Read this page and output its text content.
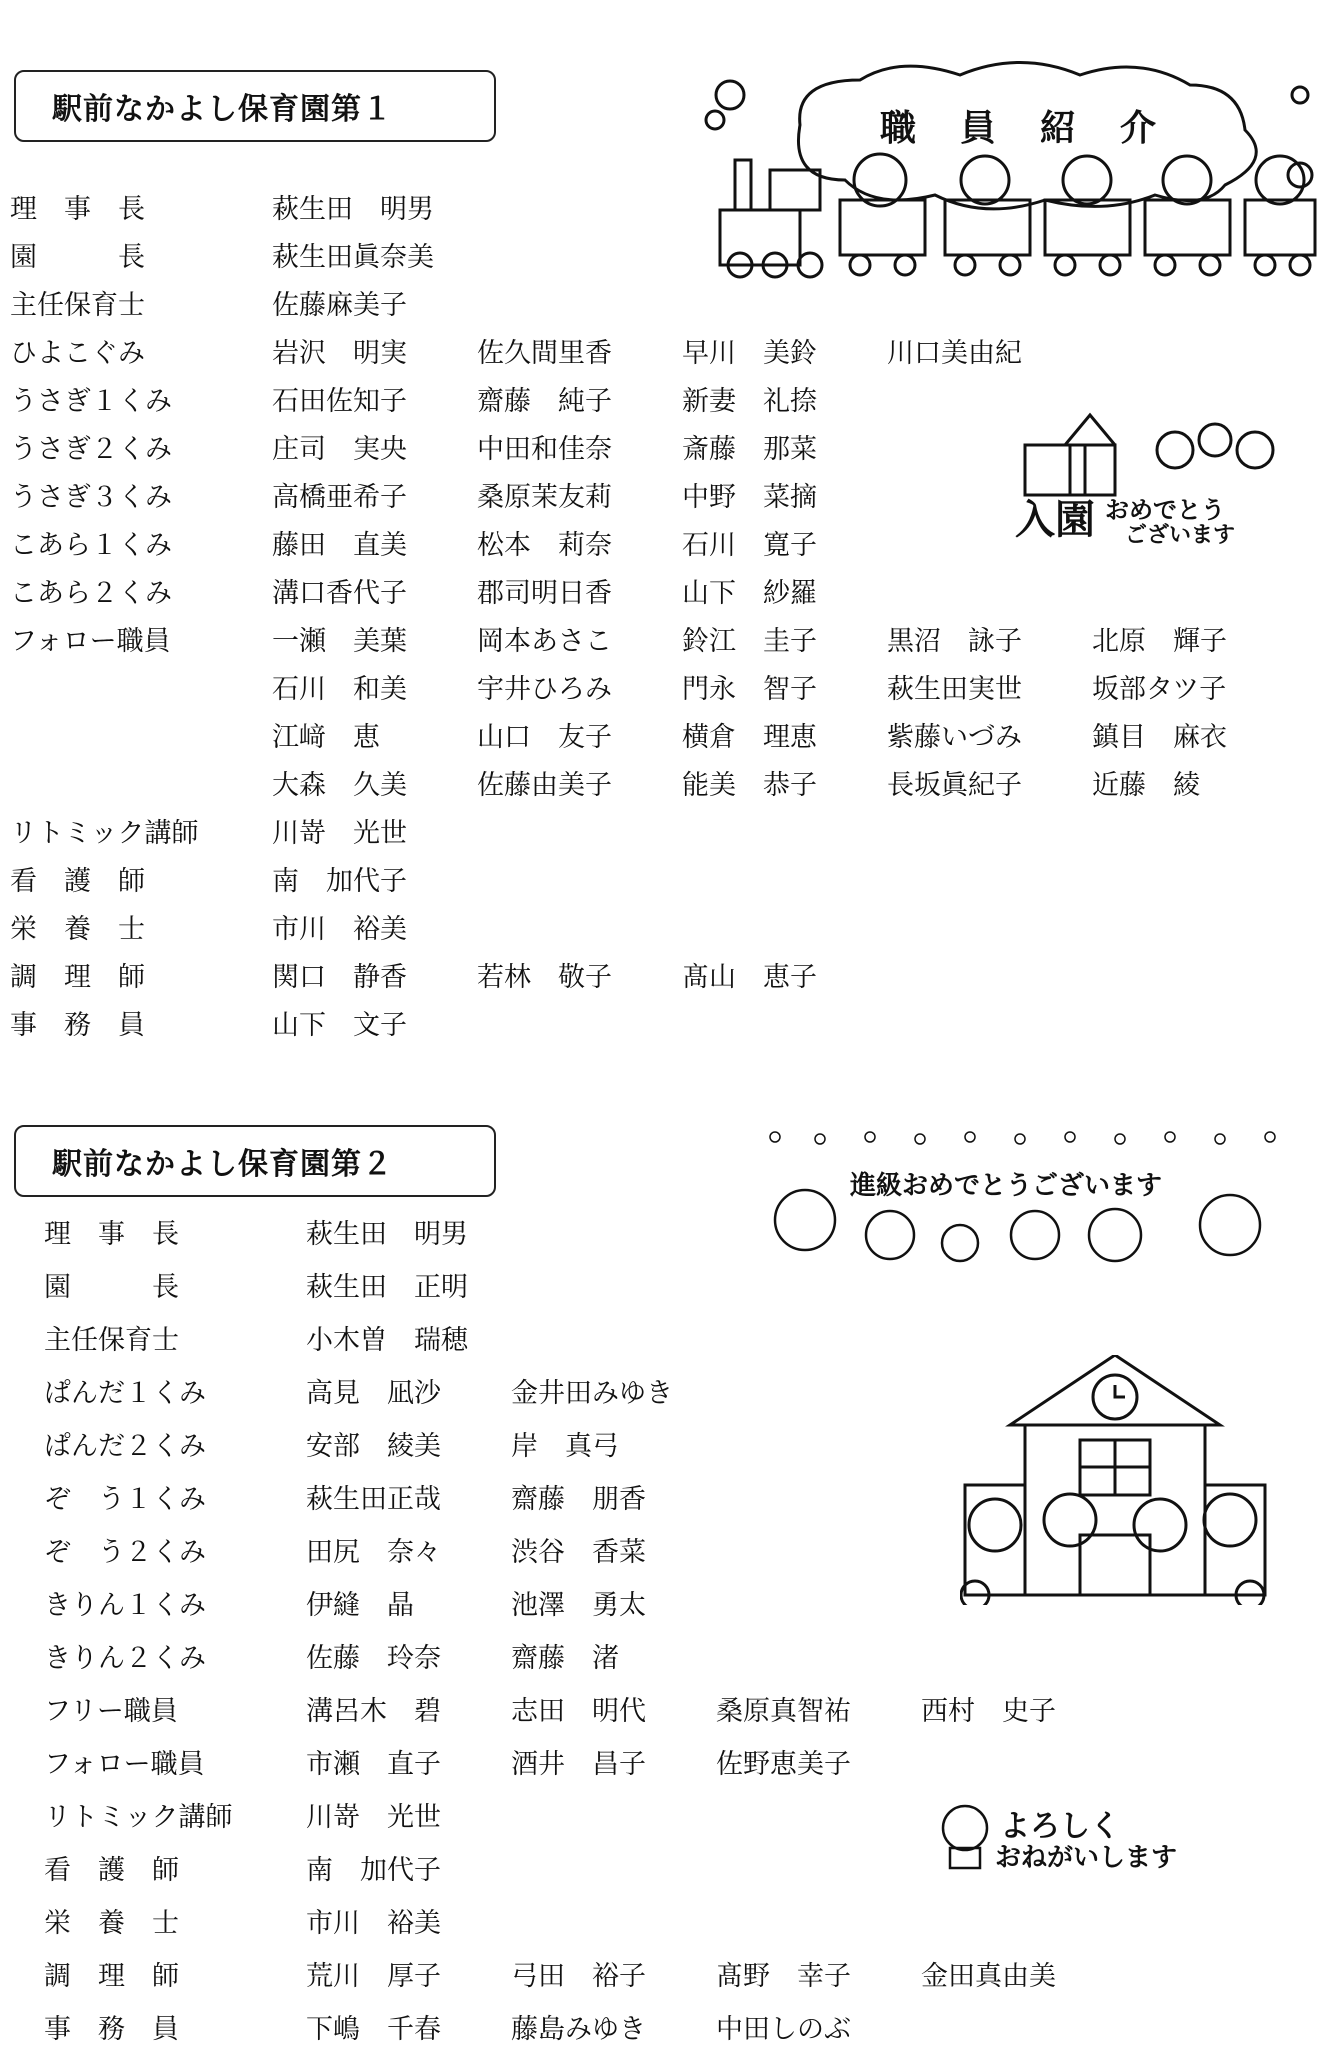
駅前なかよし保育園第１
駅前なかよし保育園第２
理　事　長	萩生田　明男
園　　　長	萩生田眞奈美
主任保育士	佐藤麻美子
ひよこぐみ	岩沢　明実	佐久間里香	早川　美鈴	川口美由紀
うさぎ１くみ	石田佐知子	齋藤　純子	新妻　礼捺
うさぎ２くみ	庄司　実央	中田和佳奈	斎藤　那菜
うさぎ３くみ	高橋亜希子	桑原茉友莉	中野　菜摘
こあら１くみ	藤田　直美	松本　莉奈	石川　寛子
こあら２くみ	溝口香代子	郡司明日香	山下　紗羅
フォロー職員	一瀬　美葉	岡本あさこ	鈴江　圭子	黒沼　詠子	北原　輝子
石川　和美	宇井ひろみ	門永　智子	萩生田実世	坂部タツ子
江﨑　恵	山口　友子	横倉　理恵	紫藤いづみ	鎮目　麻衣
大森　久美	佐藤由美子	能美　恭子	長坂眞紀子	近藤　綾
リトミック講師	川嵜　光世
看　護　師	南　加代子
栄　養　士	市川　裕美
調　理　師	関口　静香	若林　敬子	髙山　恵子
事　務　員	山下　文子
理　事　長	萩生田　明男
園　　　長	萩生田　正明
主任保育士	小木曽　瑞穂
ぱんだ１くみ	高見　凪沙	金井田みゆき
ぱんだ２くみ	安部　綾美	岸　真弓
ぞ　う１くみ	萩生田正哉	齋藤　朋香
ぞ　う２くみ	田尻　奈々	渋谷　香菜
きりん１くみ	伊縫　晶	池澤　勇太
きりん２くみ	佐藤　玲奈	齋藤　渚
フリー職員	溝呂木　碧	志田　明代	桑原真智祐	西村　史子
フォロー職員	市瀬　直子	酒井　昌子	佐野恵美子
リトミック講師	川嵜　光世
看　護　師	南　加代子
栄　養　士	市川　裕美
調　理　師	荒川　厚子	弓田　裕子	髙野　幸子	金田真由美
事　務　員	下嶋　千春	藤島みゆき	中田しのぶ
職　員　紹　介
入園 おめでとう
ございます
進級おめでとうございます
よろしく
おねがいします
